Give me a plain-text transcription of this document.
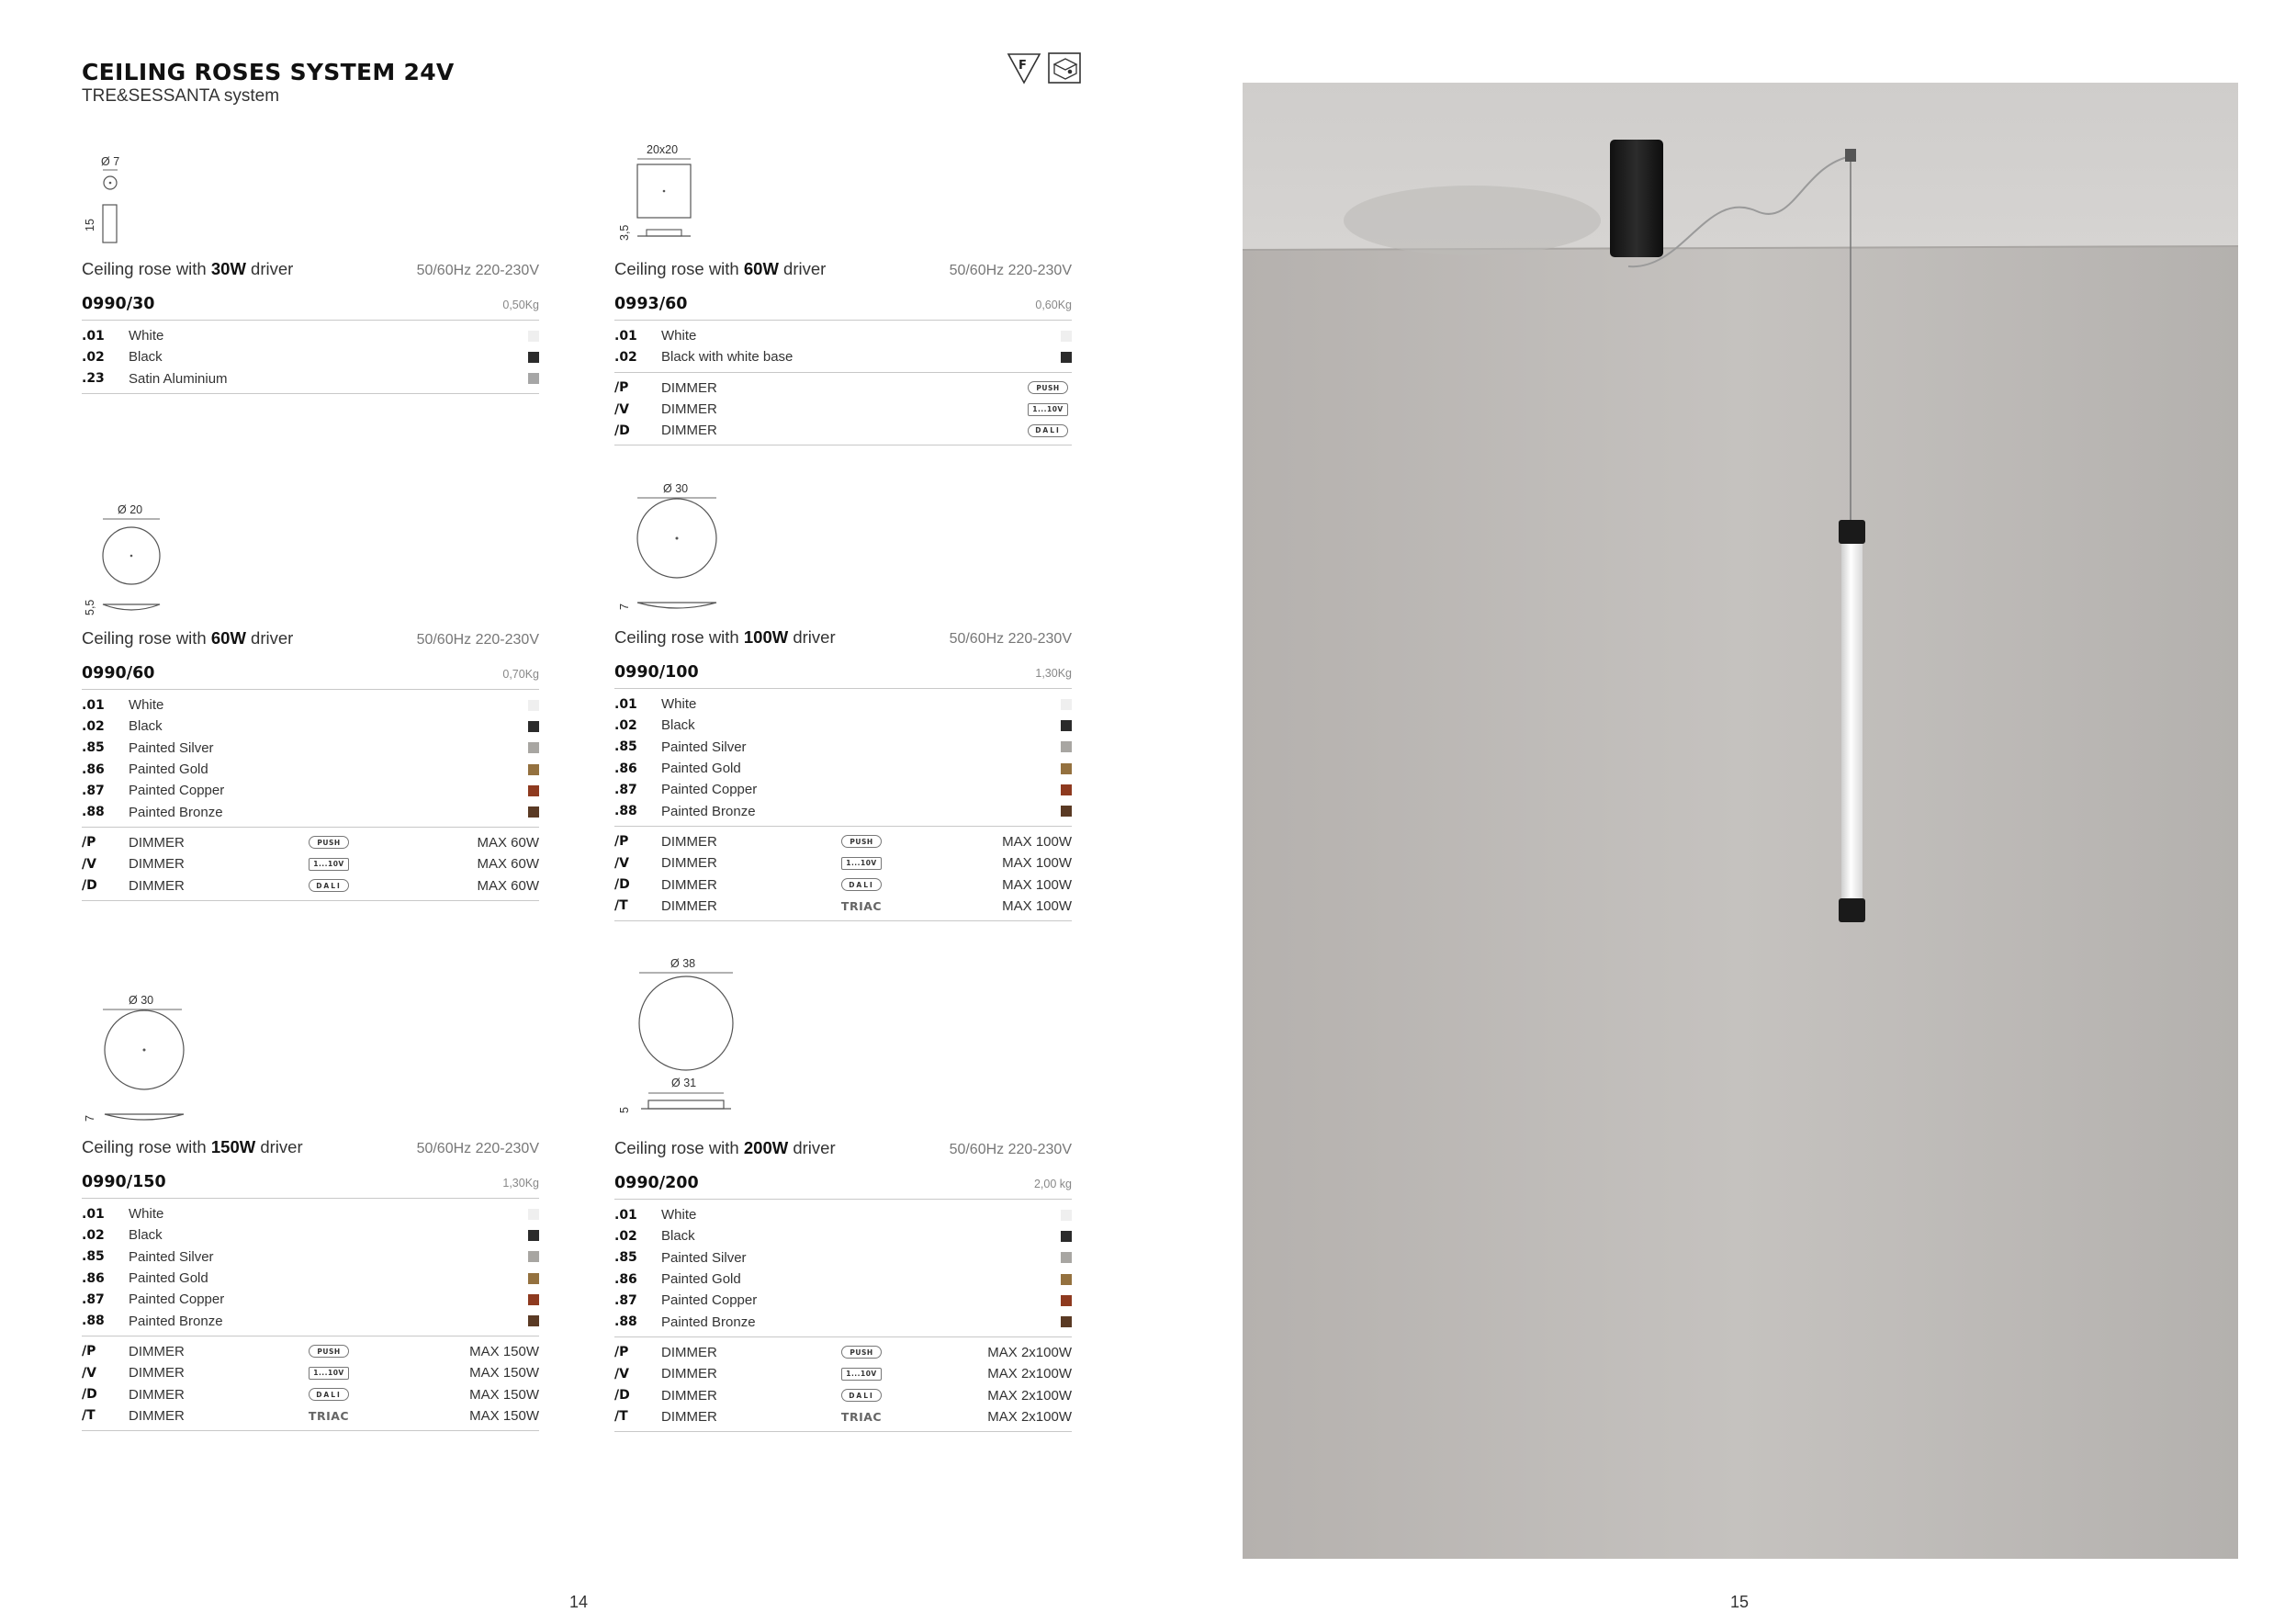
CEILING ROSES SYSTEM 24V
TRE&SESSANTA system
F
Ø 7
15
20x20
3,5
Ø 20
5,5
Ø 30
7
Ø 30
7
Ø 38
Ø 31
5
Ceiling rose with 30W driver	50/60Hz 220-230V
0990/30	0,50Kg
.01	White
.02	Black
.23	Satin Aluminium
Ceiling rose with 60W driver	50/60Hz 220-230V
0993/60	0,60Kg
.01	White
.02	Black with white base
/P	DIMMER	PUSH
/V	DIMMER	1...10V
/D	DIMMER	DALI
Ceiling rose with 60W driver	50/60Hz 220-230V
0990/60	0,70Kg
.01	White
.02	Black
.85	Painted Silver
.86	Painted Gold
.87	Painted Copper
.88	Painted Bronze
/P	DIMMER	PUSH	MAX 60W
/V	DIMMER	1...10V	MAX 60W
/D	DIMMER	DALI	MAX 60W
Ceiling rose with 100W driver	50/60Hz 220-230V
0990/100	1,30Kg
.01	White
.02	Black
.85	Painted Silver
.86	Painted Gold
.87	Painted Copper
.88	Painted Bronze
/P	DIMMER	PUSH	MAX 100W
/V	DIMMER	1...10V	MAX 100W
/D	DIMMER	DALI	MAX 100W
/T	DIMMER	TRIAC	MAX 100W
Ceiling rose with 150W driver	50/60Hz 220-230V
0990/150	1,30Kg
.01	White
.02	Black
.85	Painted Silver
.86	Painted Gold
.87	Painted Copper
.88	Painted Bronze
/P	DIMMER	PUSH	MAX 150W
/V	DIMMER	1...10V	MAX 150W
/D	DIMMER	DALI	MAX 150W
/T	DIMMER	TRIAC	MAX 150W
Ceiling rose with 200W driver	50/60Hz 220-230V
0990/200	2,00 kg
.01	White
.02	Black
.85	Painted Silver
.86	Painted Gold
.87	Painted Copper
.88	Painted Bronze
/P	DIMMER	PUSH	MAX 2x100W
/V	DIMMER	1...10V	MAX 2x100W
/D	DIMMER	DALI	MAX 2x100W
/T	DIMMER	TRIAC	MAX 2x100W
14	15
